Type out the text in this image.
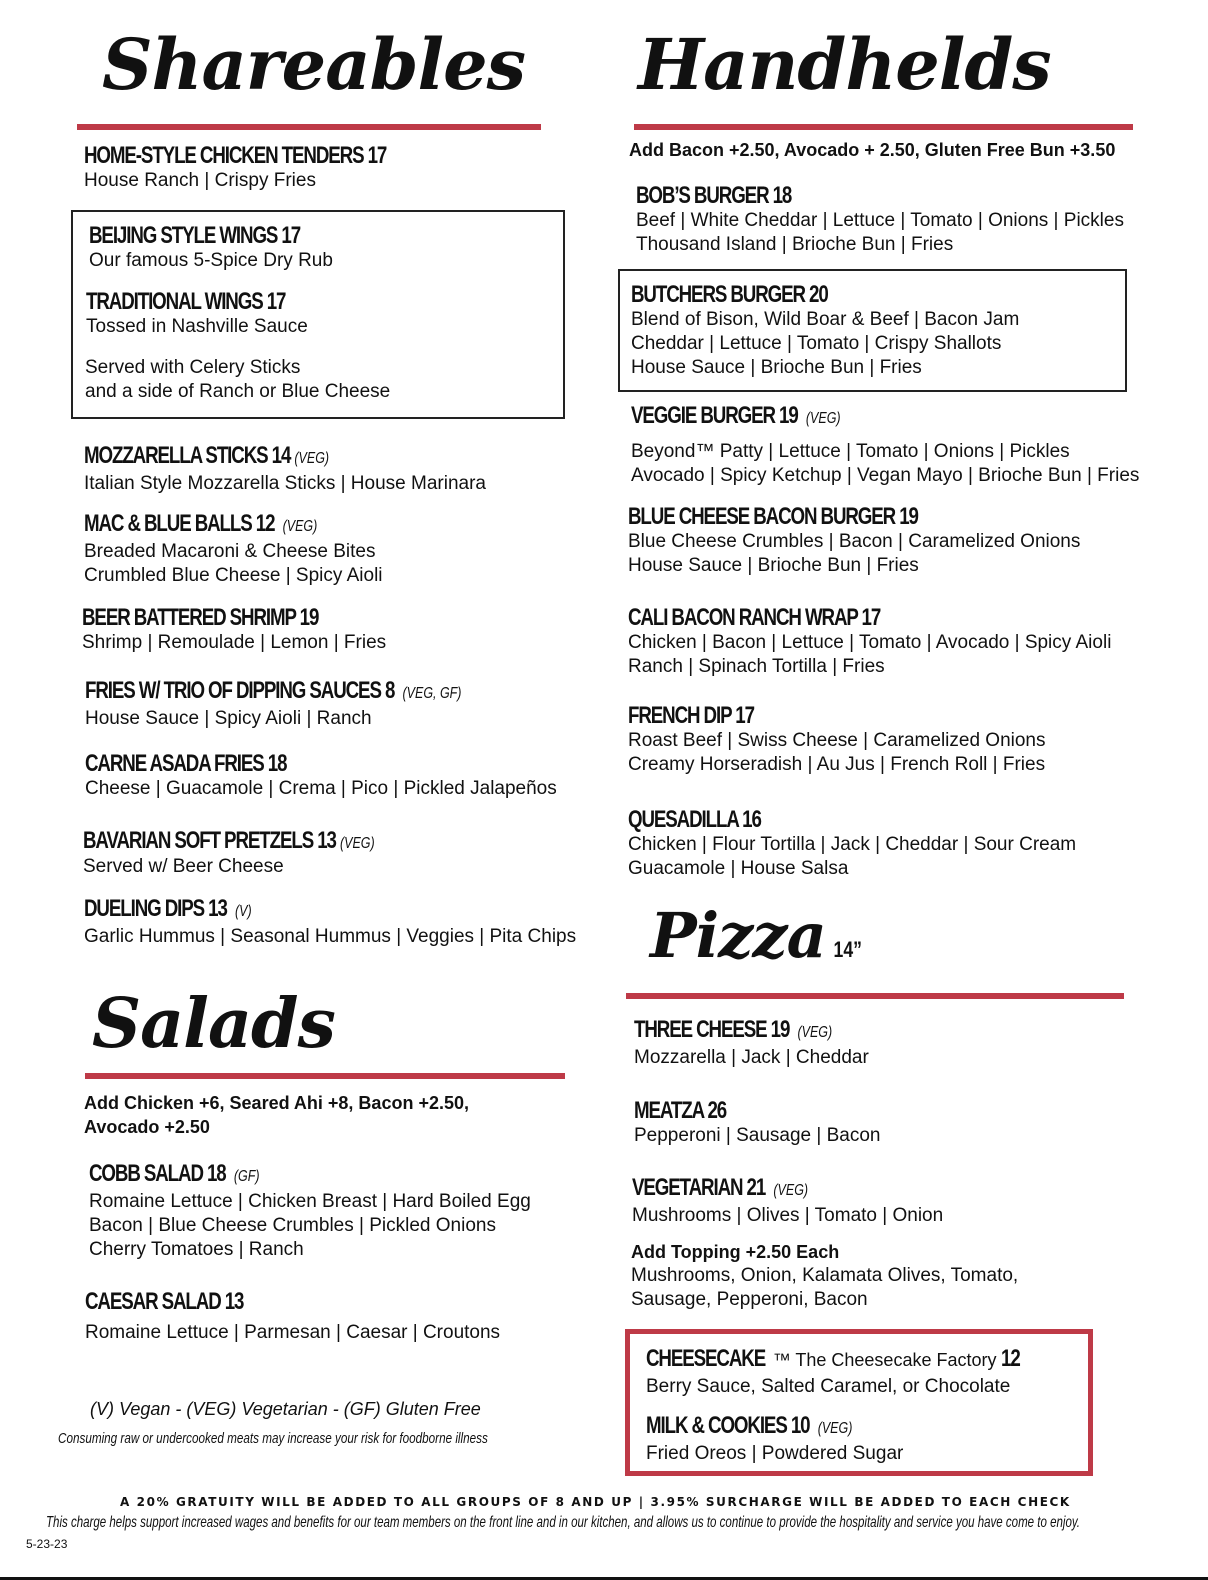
Shareables
HOME-STYLE CHICKEN TENDERS 17
House Ranch | Crispy Fries
BEIJING STYLE WINGS 17
Our famous 5-Spice Dry Rub
TRADITIONAL WINGS 17
Tossed in Nashville Sauce
Served with Celery Sticks
and a side of Ranch or Blue Cheese
MOZZARELLA STICKS 14 (VEG)
Italian Style Mozzarella Sticks | House Marinara
MAC & BLUE BALLS 12 (VEG)
Breaded Macaroni & Cheese Bites
Crumbled Blue Cheese | Spicy Aioli
BEER BATTERED SHRIMP 19
Shrimp | Remoulade | Lemon | Fries
FRIES W/ TRIO OF DIPPING SAUCES 8 (VEG, GF)
House Sauce | Spicy Aioli | Ranch
CARNE ASADA FRIES 18
Cheese | Guacamole | Crema | Pico | Pickled Jalapeños
BAVARIAN SOFT PRETZELS 13 (VEG)
Served w/ Beer Cheese
DUELING DIPS 13 (V)
Garlic Hummus | Seasonal Hummus | Veggies | Pita Chips
Salads
Add Chicken +6, Seared Ahi +8, Bacon +2.50,
Avocado +2.50
COBB SALAD 18 (GF)
Romaine Lettuce | Chicken Breast | Hard Boiled Egg
Bacon | Blue Cheese Crumbles | Pickled Onions
Cherry Tomatoes | Ranch
CAESAR SALAD 13
Romaine Lettuce | Parmesan | Caesar | Croutons
(V) Vegan - (VEG) Vegetarian - (GF) Gluten Free
Consuming raw or undercooked meats may increase your risk for foodborne illness
Handhelds
Add Bacon +2.50, Avocado + 2.50, Gluten Free Bun +3.50
BOB’S BURGER 18
Beef | White Cheddar | Lettuce | Tomato | Onions | Pickles
Thousand Island | Brioche Bun | Fries
BUTCHERS BURGER 20
Blend of Bison, Wild Boar & Beef | Bacon Jam
Cheddar | Lettuce | Tomato | Crispy Shallots
House Sauce | Brioche Bun | Fries
VEGGIE BURGER 19 (VEG)
Beyond™ Patty | Lettuce | Tomato | Onions | Pickles
Avocado | Spicy Ketchup | Vegan Mayo | Brioche Bun | Fries
BLUE CHEESE BACON BURGER 19
Blue Cheese Crumbles | Bacon | Caramelized Onions
House Sauce | Brioche Bun | Fries
CALI BACON RANCH WRAP 17
Chicken | Bacon | Lettuce | Tomato | Avocado | Spicy Aioli
Ranch | Spinach Tortilla | Fries
FRENCH DIP 17
Roast Beef | Swiss Cheese | Caramelized Onions
Creamy Horseradish | Au Jus | French Roll | Fries
QUESADILLA 16
Chicken | Flour Tortilla | Jack | Cheddar | Sour Cream
Guacamole | House Salsa
Pizza 14”
THREE CHEESE 19 (VEG)
Mozzarella | Jack | Cheddar
MEATZA 26
Pepperoni | Sausage | Bacon
VEGETARIAN 21 (VEG)
Mushrooms | Olives | Tomato | Onion
Add Topping +2.50 Each
Mushrooms, Onion, Kalamata Olives, Tomato,
Sausage, Pepperoni, Bacon
CHEESECAKE ™ The Cheesecake Factory 12
Berry Sauce, Salted Caramel, or Chocolate
MILK & COOKIES 10 (VEG)
Fried Oreos | Powdered Sugar
A 20% GRATUITY WILL BE ADDED TO ALL GROUPS OF 8 AND UP | 3.95% SURCHARGE WILL BE ADDED TO EACH CHECK
This charge helps support increased wages and benefits for our team members on the front line and in our kitchen, and allows us to continue to provide the hospitality and service you have come to enjoy.
5-23-23
